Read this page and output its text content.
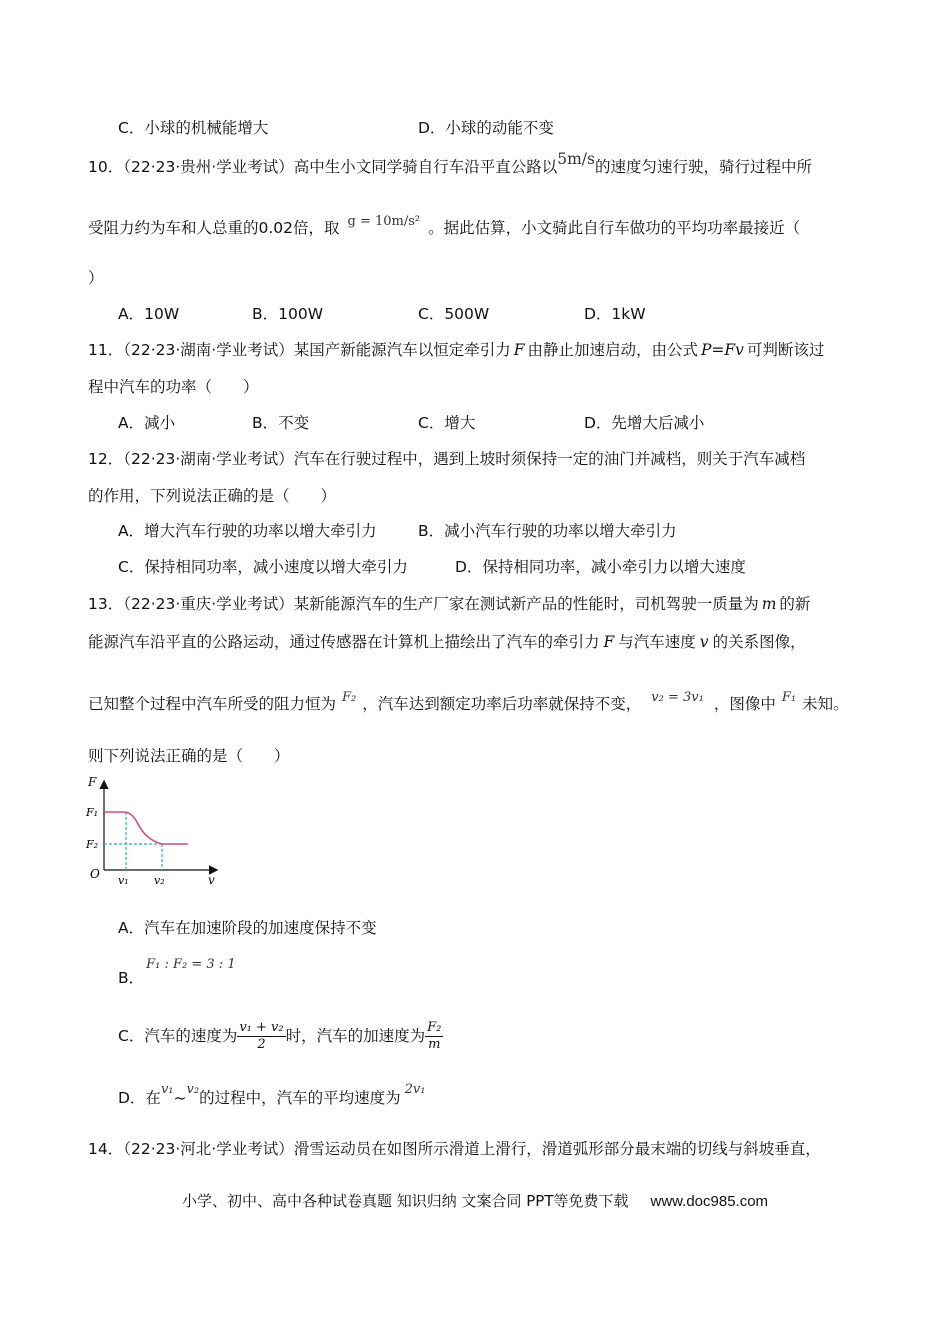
C．小球的机械能增大	D．小球的动能不变
10．（22·23·贵州·学业考试）高中生小文同学骑自行车沿平直公路以5m/s的速度匀速行驶，骑行过程中所
受阻力约为车和人总重的0.02倍，取 $^{g = 10m/s^2}$ 。据此估算，小文骑此自行车做功的平均功率最接近（
）
A．10W	B．100W	C．500W	D．1kW
11．（22·23·湖南·学业考试）某国产新能源汽车以恒定牵引力 F 由静止加速启动，由公式 P=Fv 可判断该过
程中汽车的功率（　　）
A．减小	B．不变	C．增大	D．先增大后减小
12．（22·23·湖南·学业考试）汽车在行驶过程中，遇到上坡时须保持一定的油门并减档，则关于汽车减档
的作用，下列说法正确的是（　　）
A．增大汽车行驶的功率以增大牵引力	B．减小汽车行驶的功率以增大牵引力
C．保持相同功率，减小速度以增大牵引力	D．保持相同功率，减小牵引力以增大速度
13．（22·23·重庆·学业考试）某新能源汽车的生产厂家在测试新产品的性能时，司机驾驶一质量为 m 的新
能源汽车沿平直的公路运动，通过传感器在计算机上描绘出了汽车的牵引力 F 与汽车速度 v 的关系图像，
已知整个过程中汽车所受的阻力恒为 $^{F_2}$ ，汽车达到额定功率后功率就保持不变， $^{v_2 = 3v_1}$ ，图像中 $^{F_1}$ 未知。
则下列说法正确的是（　　）
F
v
O
F₁
F₂
v₁ v₂
A．汽车在加速阶段的加速度保持不变
B．$^{F_1 : F_2 = 3 : 1}$
C．汽车的速度为 $\frac{\text{v₁ + v₂}}{2}$ 时，汽车的加速度为 $\frac{\text{F₂}}{m}$
D．在$^{v_1}$~$^{v_2}$的过程中，汽车的平均速度为 $^{2v_1}$
14．（22·23·河北·学业考试）滑雪运动员在如图所示滑道上滑行，滑道弧形部分最末端的切线与斜坡垂直，
小学、初中、高中各种试卷真题 知识归纳 文案合同 PPT等免费下载 www.doc985.com
